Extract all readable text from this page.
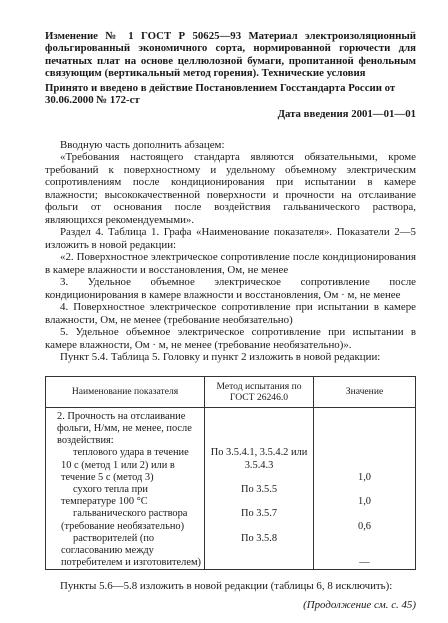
Изменение № 1 ГОСТ Р 50625—93 Материал электроизоляционный фольгированный экономичного сорта, нормированной горючести для печатных плат на основе целлюлозной бумаги, пропитанной фенольным связующим (вертикальный метод горения). Технические условия

Принято и введено в действие Постановлением Госстандарта России от 30.06.2000 № 172-ст

Дата введения 2001—01—01

Вводную часть дополнить абзацем:

«Требования настоящего стандарта являются обязательными, кроме требований к поверхностному и удельному объемному электрическим сопротивлениям после кондиционирования при испытании в камере влажности; высококачественной поверхности и прочности на отслаивание фольги от основания после воздействия гальванического раствора, являющихся рекомендуемыми».

Раздел 4. Таблица 1. Графа «Наименование показателя». Показатели 2—5 изложить в новой редакции:

«2. Поверхностное электрическое сопротивление после кондиционирования в камере влажности и восстановления, Ом, не менее

3. Удельное объемное электрическое сопротивление после кондиционирования в камере влажности и восстановления, Ом · м, не менее

4. Поверхностное электрическое сопротивление при испытании в камере влажности, Ом, не менее (требование необязательно)

5. Удельное объемное электрическое сопротивление при испытании в камере влажности, Ом · м, не менее (требование необязательно)».

Пункт 5.4. Таблица 5. Головку и пункт 2 изложить в новой редакции:

Наименование показателя	Метод испытания по ГОСТ 26246.0	Значение

2. Прочность на отслаивание фольги, Н/мм, не менее, после воздействия:		

теплового удара в течение 10 с (метод 1 или 2) или в течение 5 с (метод 3)	По 3.5.4.1, 3.5.4.2 или 3.5.4.3	1,0

сухого тепла при температуре 100 °С	По 3.5.5	1,0

гальванического раствора (требование необязательно)	По 3.5.7	0,6

растворителей (по согласованию между потребителем и изготовителем)	По 3.5.8	—

Пункты 5.6—5.8 изложить в новой редакции (таблицы 6, 8 исключить):

(Продолжение см. с. 45)
